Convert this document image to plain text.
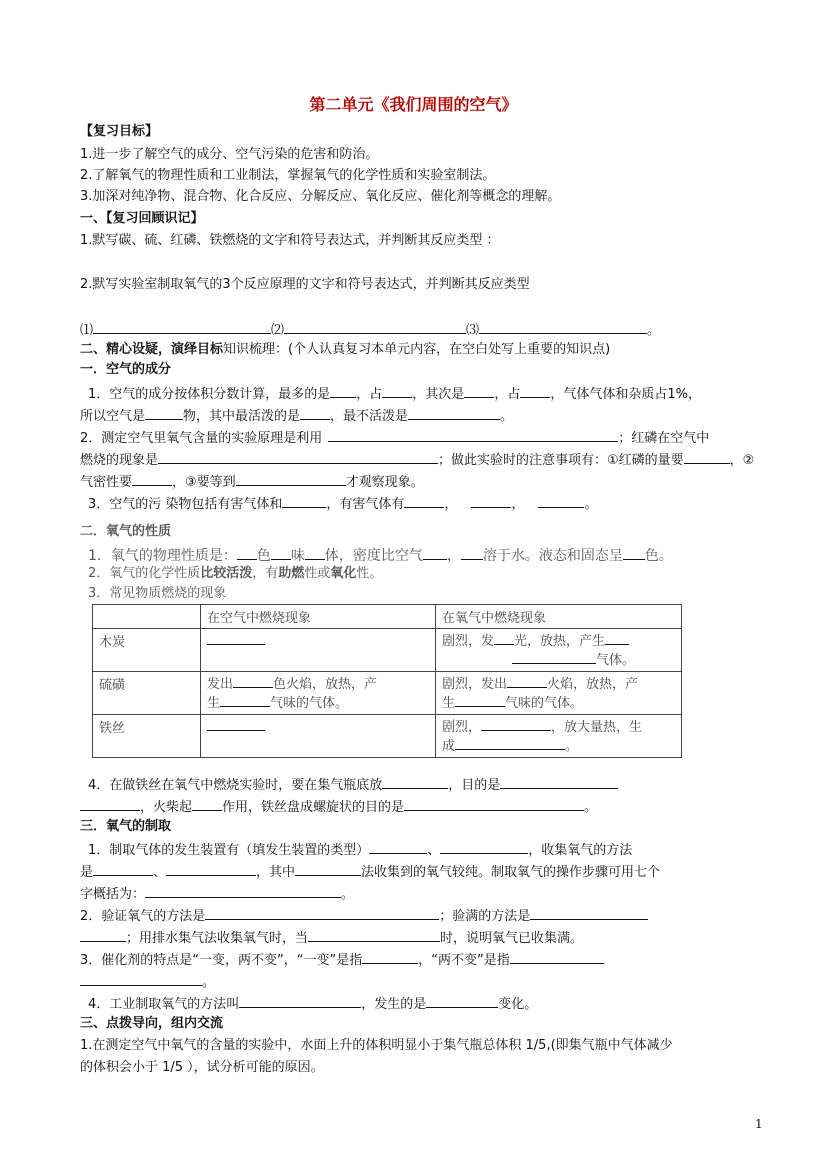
第二单元《我们周围的空气》
【复习目标】
1.进一步了解空气的成分、空气污染的危害和防治。
2.了解氧气的物理性质和工业制法，掌握氧气的化学性质和实验室制法。
3.加深对纯净物、混合物、化合反应、分解反应、氧化反应、催化剂等概念的理解。
一、【复习回顾识记】
1.默写碳、硫、红磷、铁燃烧的文字和符号表达式，并判断其反应类型 ：
2.默写实验室制取氧气的3个反应原理的文字和符号表达式，并判断其反应类型
⑴	⑵	⑶	。
二、精心设疑，演绎目标知识梳理：(个人认真复习本单元内容，在空白处写上重要的知识点)
一．空气的成分
1．空气的成分按体积分数计算，最多的是 ，占 ，其次是 ，占 ，气体气体和杂质占1%，
所以空气是	物，其中最活泼的是 ，最不活泼是	。
2．测定空气里氧气含量的实验原理是利用	；红磷在空气中
燃烧的现象是	；做此实验时的注意事项有：①红磷的量要	，②
气密性要	，③要等到	才观察现象。
3．空气的污 染物包括有害气体和	，有害气体有	，	，	。
二．氧气的性质
1．氧气的物理性质是： 色 味 体，密度比空气 ， 溶于水。液态和固态呈 色。
2．氧气的化学性质比较活泼，有助燃性或氧化性。
3．常见物质燃烧的现象
	在空气中燃烧现象	在氧气中燃烧现象
木炭		剧烈，发 光，放热，产生
气体。

硫磺	发出 色火焰，放热，产
生 气味的气体。	剧烈，发出 火焰，放热，产
生 气味的气体。

铁丝		剧烈， ，放大量热，生
成 。
4．在做铁丝在氧气中燃烧实验时，要在集气瓶底放	，目的是
，火柴起 作用，铁丝盘成螺旋状的目的是	。
三．氧气的制取
1．制取气体的发生装置有（填发生装置的类型）	、	，收集氧气的方法
是	、	，其中	法收集到的氧气较纯。制取氧气的操作步骤可用七个
字概括为：	。
2．验证氧气的方法是	；验满的方法是
；用排水集气法收集氧气时，当	时，说明氧气已收集满。
3．催化剂的特点是“一变，两不变”，“一变”是指	，“两不变”是指
。
4．工业制取氧气的方法叫	，发生的是	变化。
三、点拨导向，组内交流
1.在测定空气中氧气的含量的实验中，水面上升的体积明显小于集气瓶总体积 1/5,(即集气瓶中气体减少
的体积会小于 1/5 ），试分析可能的原因。
1
